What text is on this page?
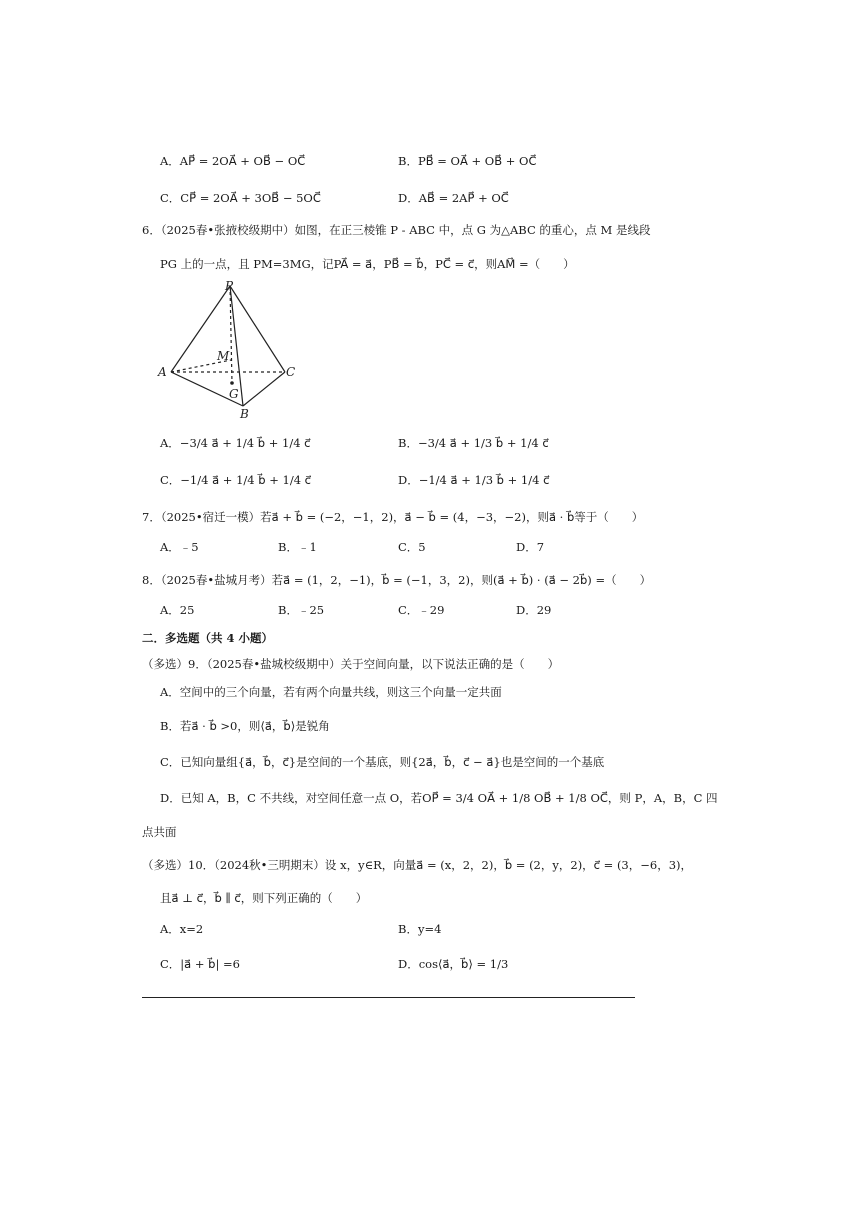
A．AP⃗ = 2OA⃗ + OB⃗ − OC⃗	B．PB⃗ = OA⃗ + OB⃗ + OC⃗
C．CP⃗ = 2OA⃗ + 3OB⃗ − 5OC⃗	D．AB⃗ = 2AP⃗ + OC⃗
6．（2025春•张掖校级期中）如图，在正三棱锥 P - ABC 中，点 G 为△ABC 的重心，点 M 是线段
PG 上的一点，且 PM=3MG，记PA⃗ = a⃗，PB⃗ = b⃗，PC⃗ = c⃗，则AM⃗ =（　　）
P
A
B
C
M
G
A．−3/4 a⃗ + 1/4 b⃗ + 1/4 c⃗	B．−3/4 a⃗ + 1/3 b⃗ + 1/4 c⃗
C．−1/4 a⃗ + 1/4 b⃗ + 1/4 c⃗	D．−1/4 a⃗ + 1/3 b⃗ + 1/4 c⃗
7．（2025•宿迁一模）若a⃗ + b⃗ = (−2，−1，2)，a⃗ − b⃗ = (4，−3，−2)，则a⃗ · b⃗等于（　　）
A．﹣5	B．﹣1	C．5	D．7
8．（2025春•盐城月考）若a⃗ = (1，2，−1)，b⃗ = (−1，3，2)，则(a⃗ + b⃗) · (a⃗ − 2b⃗) =（　　）
A．25	B．﹣25	C．﹣29	D．29
二．多选题（共 4 小题）
（多选）9．（2025春•盐城校级期中）关于空间向量，以下说法正确的是（　　）
A．空间中的三个向量，若有两个向量共线，则这三个向量一定共面
B．若a⃗ · b⃗ >0，则⟨a⃗，b⃗⟩是锐角
C．已知向量组{a⃗，b⃗，c⃗}是空间的一个基底，则{2a⃗，b⃗，c⃗ − a⃗}也是空间的一个基底
D．已知 A，B，C 不共线，对空间任意一点 O，若OP⃗ = 3/4 OA⃗ + 1/8 OB⃗ + 1/8 OC⃗，则 P，A，B，C 四
点共面
（多选）10．（2024秋•三明期末）设 x，y∈R，向量a⃗ = (x，2，2)，b⃗ = (2，y，2)，c⃗ = (3，−6，3)，
且a⃗ ⊥ c⃗，b⃗ ∥ c⃗，则下列正确的（　　）
A．x=2	B．y=4
C．|a⃗ + b⃗| =6	D．cos⟨a⃗，b⃗⟩ = 1/3
